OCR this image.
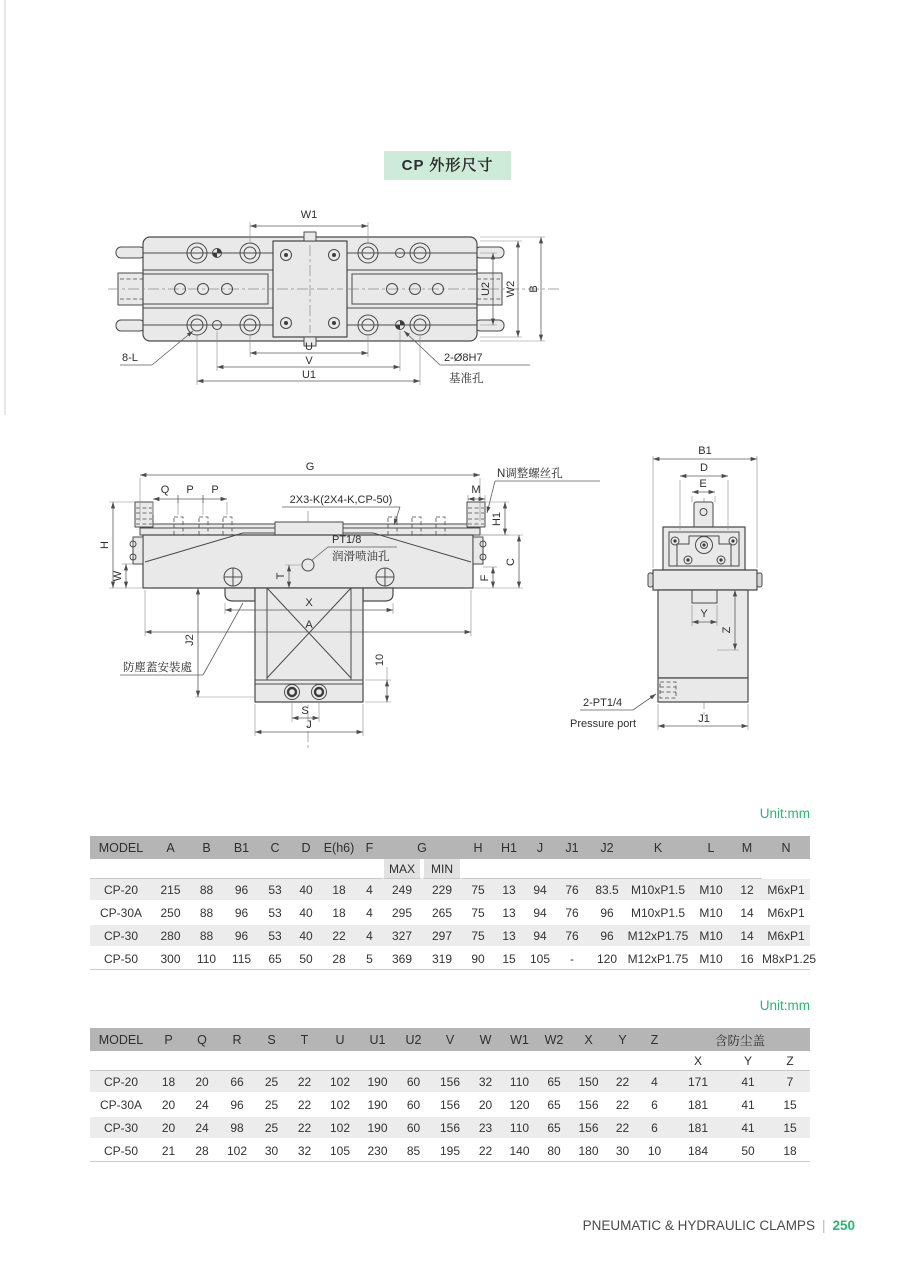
CP 外形尺寸
W1
U2 W2 B
U
V
U1
8-L	2-Ø8H7
基准孔
G
Q P P	M
2X3-K(2X4-K,CP-50)
N调整螺丝孔
H
W
H1
C
F
PT1/8
润滑喷油孔
T
X
A
J2
防塵蓋安裝處
10
S
J
B1
D
E
Y
Z
2-PT1/4
Pressure port	J1
Unit:mm
MODEL	A	B	B1	C	D	E(h6)	F	G		H	H1	J	J1	J2	K	L	M	N
								MAX	MIN									
CP-20	215	88	96	53	40	18	4	249	229	75	13	94	76	83.5	M10xP1.5	M10	12	M6xP1
CP-30A	250	88	96	53	40	18	4	295	265	75	13	94	76	96	M10xP1.5	M10	14	M6xP1
CP-30	280	88	96	53	40	22	4	327	297	75	13	94	76	96	M12xP1.75	M10	14	M6xP1
CP-50	300	110	115	65	50	28	5	369	319	90	15	105	-	120	M12xP1.75	M10	16	M8xP1.25
Unit:mm
MODEL	P	Q	R	S	T	U	U1	U2	V	W	W1	W2	X	Y	Z	含防尘盖		
																X	Y	Z
CP-20	18	20	66	25	22	102	190	60	156	32	110	65	150	22	4	171	41	7
CP-30A	20	24	96	25	22	102	190	60	156	20	120	65	156	22	6	181	41	15
CP-30	20	24	98	25	22	102	190	60	156	23	110	65	156	22	6	181	41	15
CP-50	21	28	102	30	32	105	230	85	195	22	140	80	180	30	10	184	50	18
PNEUMATIC & HYDRAULIC CLAMPS | 250
